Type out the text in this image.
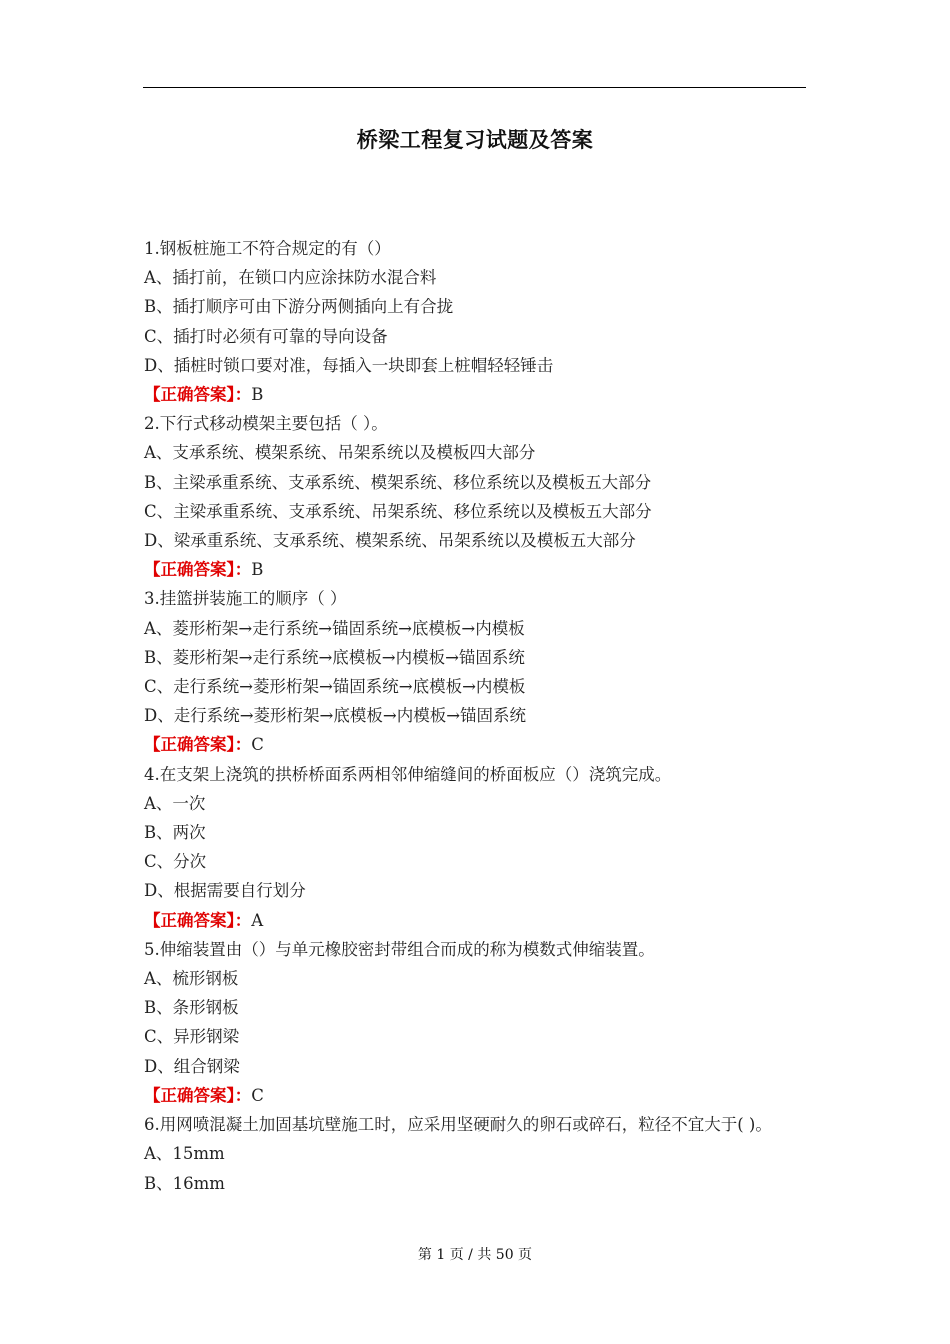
桥梁工程复习试题及答案
1.钢板桩施工不符合规定的有（）
A、插打前，在锁口内应涂抹防水混合料
B、插打顺序可由下游分两侧插向上有合拢
C、插打时必须有可靠的导向设备
D、插桩时锁口要对准，每插入一块即套上桩帽轻轻锤击
【正确答案】：B
2.下行式移动模架主要包括（ ）。
A、支承系统、模架系统、吊架系统以及模板四大部分
B、主梁承重系统、支承系统、模架系统、移位系统以及模板五大部分
C、主梁承重系统、支承系统、吊架系统、移位系统以及模板五大部分
D、梁承重系统、支承系统、模架系统、吊架系统以及模板五大部分
【正确答案】：B
3.挂篮拼装施工的顺序（ ）
A、菱形桁架→走行系统→锚固系统→底模板→内模板
B、菱形桁架→走行系统→底模板→内模板→锚固系统
C、走行系统→菱形桁架→锚固系统→底模板→内模板
D、走行系统→菱形桁架→底模板→内模板→锚固系统
【正确答案】：C
4.在支架上浇筑的拱桥桥面系两相邻伸缩缝间的桥面板应（）浇筑完成。
A、一次
B、两次
C、分次
D、根据需要自行划分
【正确答案】：A
5.伸缩装置由（）与单元橡胶密封带组合而成的称为模数式伸缩装置。
A、梳形钢板
B、条形钢板
C、异形钢梁
D、组合钢梁
【正确答案】：C
6.用网喷混凝土加固基坑壁施工时，应采用坚硬耐久的卵石或碎石，粒径不宜大于( )。
A、15mm
B、16mm
第 1 页 / 共 50 页
